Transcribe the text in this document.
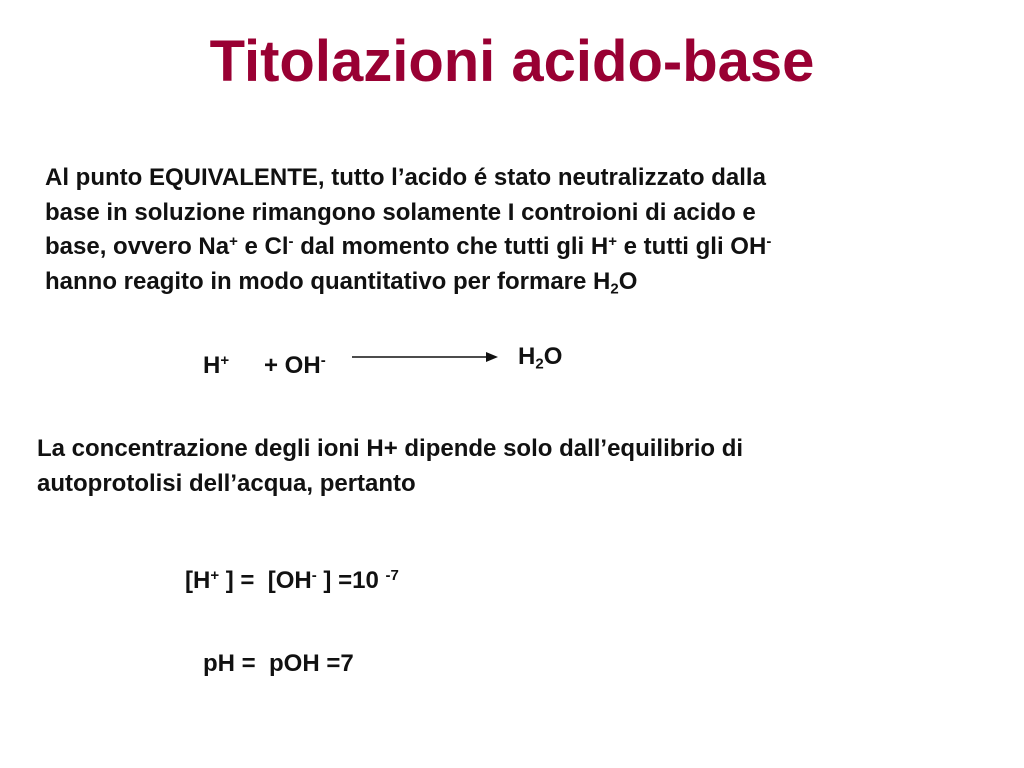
Titolazioni acido-base

Al punto EQUIVALENTE, tutto l’acido é stato neutralizzato dalla
base in soluzione rimangono solamente I controioni di acido e
base, ovvero Na+ e Cl- dal momento che tutti gli H+ e tutti gli OH-
hanno reagito in modo quantitativo per formare $H_2O$

H+ + OH-	$H_2O$

La concentrazione degli ioni H+ dipende solo dall’equilibrio di
autoprotolisi dell’acqua, pertanto

[H+ ] =  [OH- ] =10 $^{-7}$
pH =  pOH =7
